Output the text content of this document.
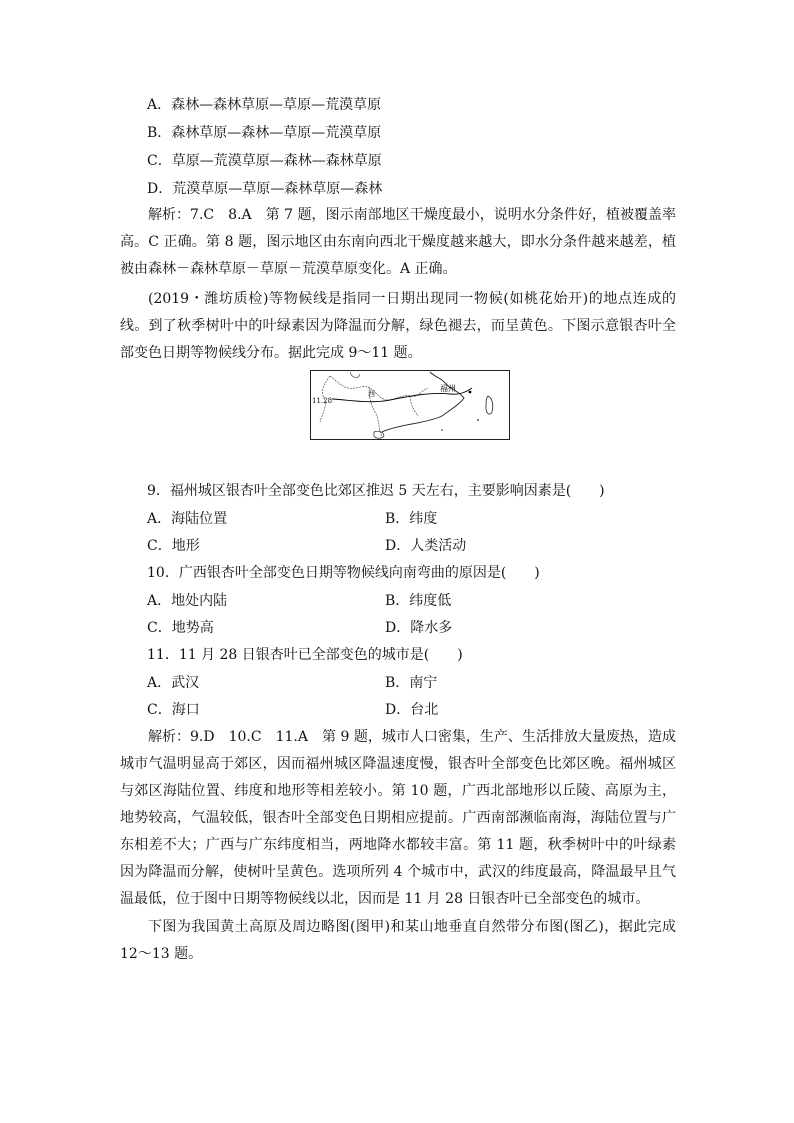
A．森林—森林草原—草原—荒漠草原
B．森林草原—森林—草原—荒漠草原
C．草原—荒漠草原—森林—森林草原
D．荒漠草原—草原—森林草原—森林

解析：7.C　8.A　第 7 题，图示南部地区干燥度最小，说明水分条件好，植被覆盖率高。C 正确。第 8 题，图示地区由东南向西北干燥度越来越大，即水分条件越来越差，植被由森林－森林草原－草原－荒漠草原变化。A 正确。

(2019・潍坊质检)等物候线是指同一日期出现同一物候(如桃花始开)的地点连成的线。到了秋季树叶中的叶绿素因为降温而分解，绿色褪去，而呈黄色。下图示意银杏叶全部变色日期等物候线分布。据此完成 9～11 题。

福州
西
11.28
9．福州城区银杏叶全部变色比郊区推迟 5 天左右，主要影响因素是(　　)
A．海陆位置	B．纬度
C．地形	D．人类活动
10．广西银杏叶全部变色日期等物候线向南弯曲的原因是(　　)
A．地处内陆	B．纬度低
C．地势高	D．降水多
11．11 月 28 日银杏叶已全部变色的城市是(　　)
A．武汉	B．南宁
C．海口	D．台北

解析：9.D　10.C　11.A　第 9 题，城市人口密集，生产、生活排放大量废热，造成城市气温明显高于郊区，因而福州城区降温速度慢，银杏叶全部变色比郊区晚。福州城区与郊区海陆位置、纬度和地形等相差较小。第 10 题，广西北部地形以丘陵、高原为主，地势较高，气温较低，银杏叶全部变色日期相应提前。广西南部濒临南海，海陆位置与广东相差不大；广西与广东纬度相当，两地降水都较丰富。第 11 题，秋季树叶中的叶绿素因为降温而分解，使树叶呈黄色。选项所列 4 个城市中，武汉的纬度最高，降温最早且气温最低，位于图中日期等物候线以北，因而是 11 月 28 日银杏叶已全部变色的城市。

下图为我国黄土高原及周边略图(图甲)和某山地垂直自然带分布图(图乙)，据此完成 12～13 题。
